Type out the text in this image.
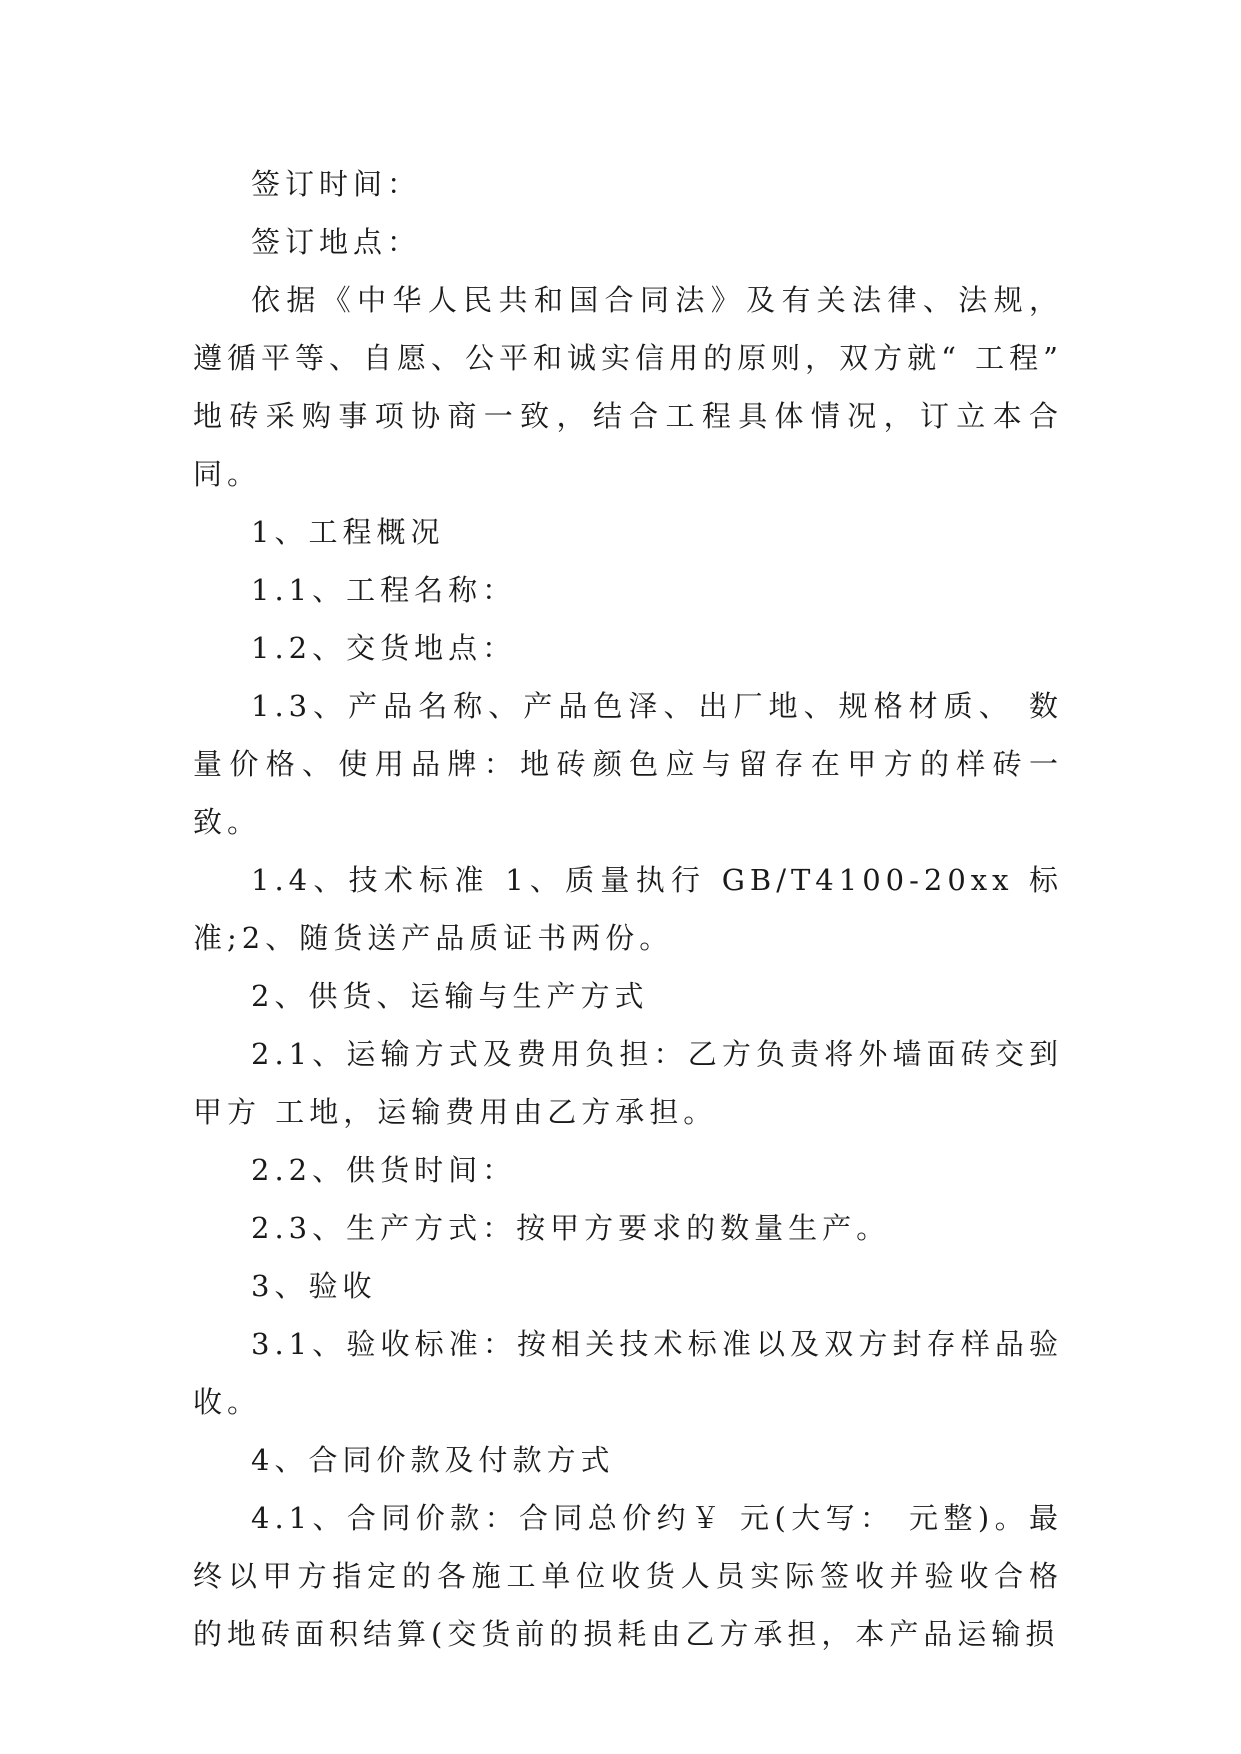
签订时间：

签订地点：

依据《中华人民共和国合同法》及有关法律、法规，遵循平等、自愿、公平和诚实信用的原则，双方就“ 工程” 地砖采购事项协商一致，结合工程具体情况，订立本合同。

1、工程概况

1.1、工程名称：

1.2、交货地点：

1.3、产品名称、产品色泽、出厂地、规格材质、 数量价格、使用品牌：地砖颜色应与留存在甲方的样砖一致。

1.4、技术标准 1、质量执行 GB/T4100-20xx 标准;2、随货送产品质证书两份。

2、供货、运输与生产方式

2.1、运输方式及费用负担：乙方负责将外墙面砖交到甲方 工地，运输费用由乙方承担。

2.2、供货时间：

2.3、生产方式：按甲方要求的数量生产。

3、验收

3.1、验收标准：按相关技术标准以及双方封存样品验收。

4、合同价款及付款方式

4.1、合同价款：合同总价约￥ 元(大写： 元整)。最终以甲方指定的各施工单位收货人员实际签收并验收合格的地砖面积结算(交货前的损耗由乙方承担，本产品运输损
